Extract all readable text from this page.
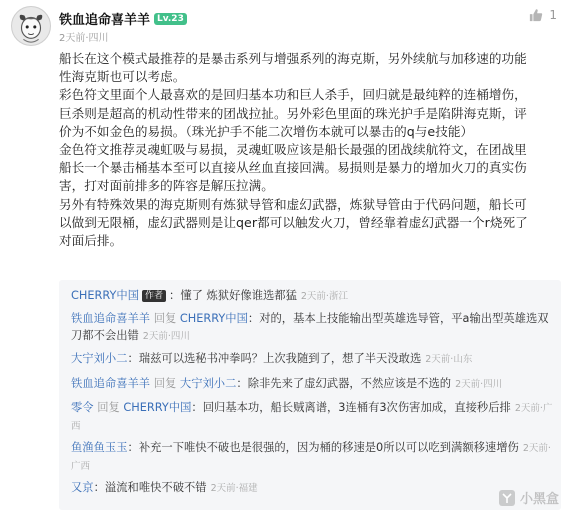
铁血追命喜羊羊 Lv.23
2天前·四川
1

船长在这个模式最推荐的是暴击系列与增强系列的海克斯，另外续航与加移速的功能

性海克斯也可以考虑。

彩色符文里面个人最喜欢的是回归基本功和巨人杀手，回归就是最纯粹的连桶增伤，

巨杀则是超高的机动性带来的团战拉扯。另外彩色里面的珠光护手是陷阱海克斯，评

价为不如金色的易损。（珠光护手不能二次增伤本就可以暴击的q与e技能）

金色符文推荐灵魂虹吸与易损，灵魂虹吸应该是船长最强的团战续航符文，在团战里

船长一个暴击桶基本至可以直接从丝血直接回满。易损则是暴力的增加火刀的真实伤

害，打对面前排多的阵容是解压拉满。

另外有特殊效果的海克斯则有炼狱导管和虚幻武器，炼狱导管由于代码问题，船长可

以做到无限桶，虚幻武器则是让qer都可以触发火刀，曾经靠着虚幻武器一个r烧死了

对面后排。

CHERRY中国 作者 ：懂了 炼狱好像谁选都猛 2天前·浙江
铁血追命喜羊羊 回复 CHERRY中国：对的，基本上技能输出型英雄选导管，平a输出型英雄选双刀都不会出错 2天前·四川
大宁刘小二：瑞兹可以选秘书冲拳吗？上次我随到了，想了半天没敢选 2天前·山东
铁血追命喜羊羊 回复 大宁刘小二：除非先来了虚幻武器，不然应该是不选的 2天前·四川
零令 回复 CHERRY中国：回归基本功，船长贼离谱，3连桶有3次伤害加成，直接秒后排 2天前·广西
鱼渔鱼玉玉：补充一下唯快不破也是很强的，因为桶的移速是0所以可以吃到满额移速增伤 2天前·广西
又京：溢流和唯快不破不错 2天前·福建
小黑盒
